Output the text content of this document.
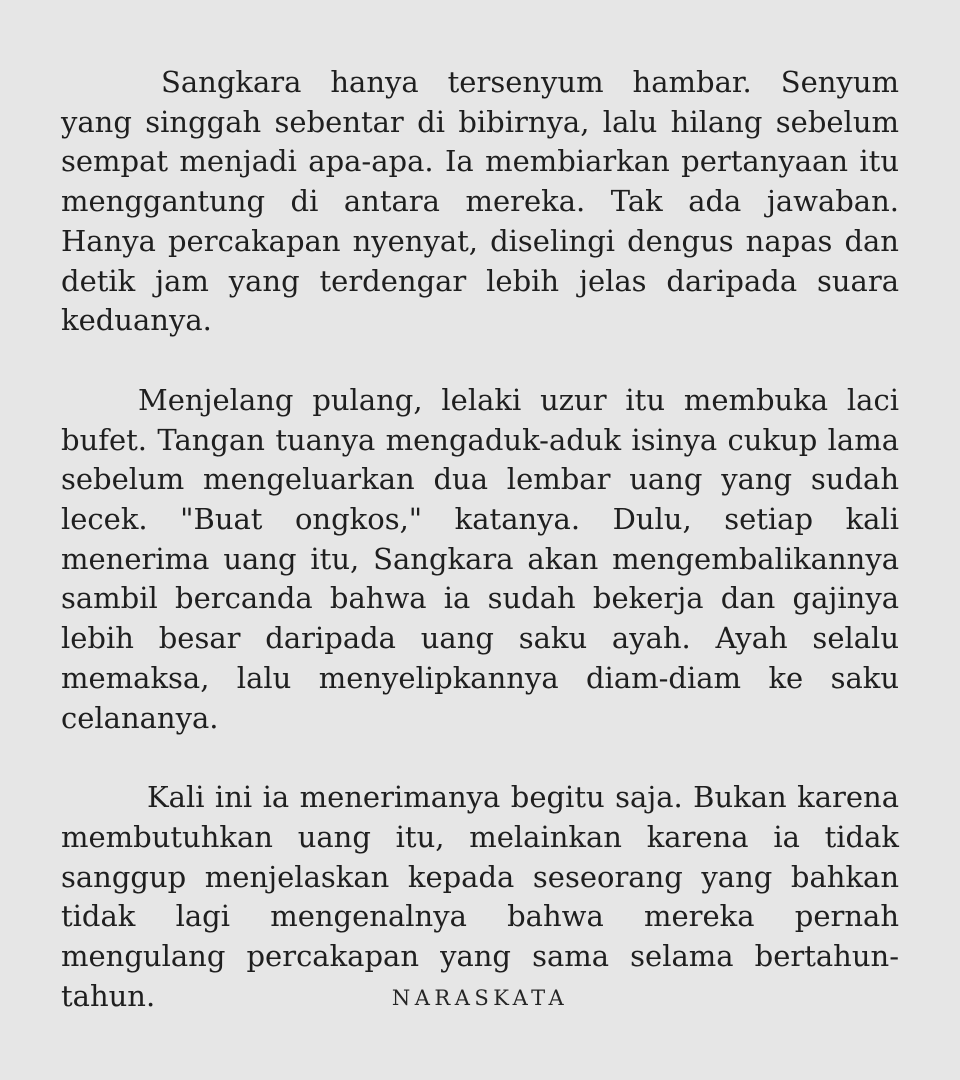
Sangkara hanya tersenyum hambar. Senyum yang singgah sebentar di bibirnya, lalu hilang sebelum sempat menjadi apa-apa. Ia membiarkan pertanyaan itu menggantung di antara mereka. Tak ada jawaban. Hanya percakapan nyenyat, diselingi dengus napas dan detik jam yang terdengar lebih jelas daripada suara keduanya.

Menjelang pulang, lelaki uzur itu membuka laci bufet. Tangan tuanya mengaduk-aduk isinya cukup lama sebelum mengeluarkan dua lembar uang yang sudah lecek. "Buat ongkos," katanya. Dulu, setiap kali menerima uang itu, Sangkara akan mengembalikannya sambil bercanda bahwa ia sudah bekerja dan gajinya lebih besar daripada uang saku ayah. Ayah selalu memaksa, lalu menyelipkannya diam-diam ke saku celananya.

Kali ini ia menerimanya begitu saja. Bukan karena membutuhkan uang itu, melainkan karena ia tidak sanggup menjelaskan kepada seseorang yang bahkan tidak lagi mengenalnya bahwa mereka pernah mengulang percakapan yang sama selama bertahun-tahun.	NARASKATA
